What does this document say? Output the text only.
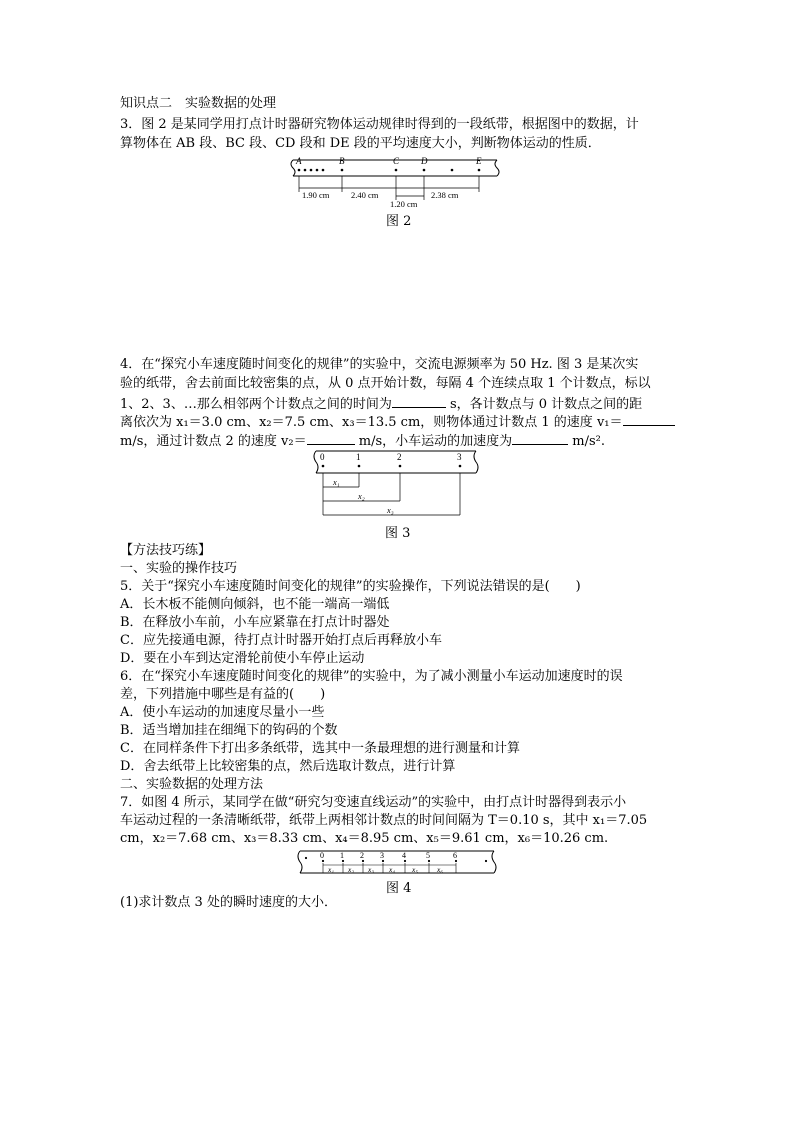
知识点二　实验数据的处理
3．图 2 是某同学用打点计时器研究物体运动规律时得到的一段纸带，根据图中的数据，计
算物体在 AB 段、BC 段、CD 段和 DE 段的平均速度大小，判断物体运动的性质．
A	B	C D	E
1.90 cm	2.40 cm
1.20 cm
2.38 cm
图 2
4．在“探究小车速度随时间变化的规律”的实验中，交流电源频率为 50 Hz. 图 3 是某次实
验的纸带，舍去前面比较密集的点，从 0 点开始计数，每隔 4 个连续点取 1 个计数点，标以
1、2、3、…那么相邻两个计数点之间的时间为	s，各计数点与 0 计数点之间的距
离依次为 x₁＝3.0 cm、x₂＝7.5 cm、x₃＝13.5 cm，则物体通过计数点 1 的速度 v₁＝
m/s，通过计数点 2 的速度 v₂＝	m/s，小车运动的加速度为	m/s².
0	1	2	3
x₁
x₂
x₃
图 3
【方法技巧练】
一、实验的操作技巧
5．关于“探究小车速度随时间变化的规律”的实验操作，下列说法错误的是(　　)
A．长木板不能侧向倾斜，也不能一端高一端低
B．在释放小车前，小车应紧靠在打点计时器处
C．应先接通电源，待打点计时器开始打点后再释放小车
D．要在小车到达定滑轮前使小车停止运动
6．在“探究小车速度随时间变化的规律”的实验中，为了减小测量小车运动加速度时的误
差，下列措施中哪些是有益的(　　)
A．使小车运动的加速度尽量小一些
B．适当增加挂在细绳下的钩码的个数
C．在同样条件下打出多条纸带，选其中一条最理想的进行测量和计算
D．舍去纸带上比较密集的点，然后选取计数点，进行计算
二、实验数据的处理方法
7．如图 4 所示，某同学在做“研究匀变速直线运动”的实验中，由打点计时器得到表示小
车运动过程的一条清晰纸带，纸带上两相邻计数点的时间间隔为 T＝0.10 s，其中 x₁＝7.05
cm，x₂＝7.68 cm、x₃＝8.33 cm、x₄＝8.95 cm、x₅＝9.61 cm，x₆＝10.26 cm.
0 1 2 3 4	5	6
x₁ x₂ x₃ x₄ x₅	x₆
图 4
(1)求计数点 3 处的瞬时速度的大小．
